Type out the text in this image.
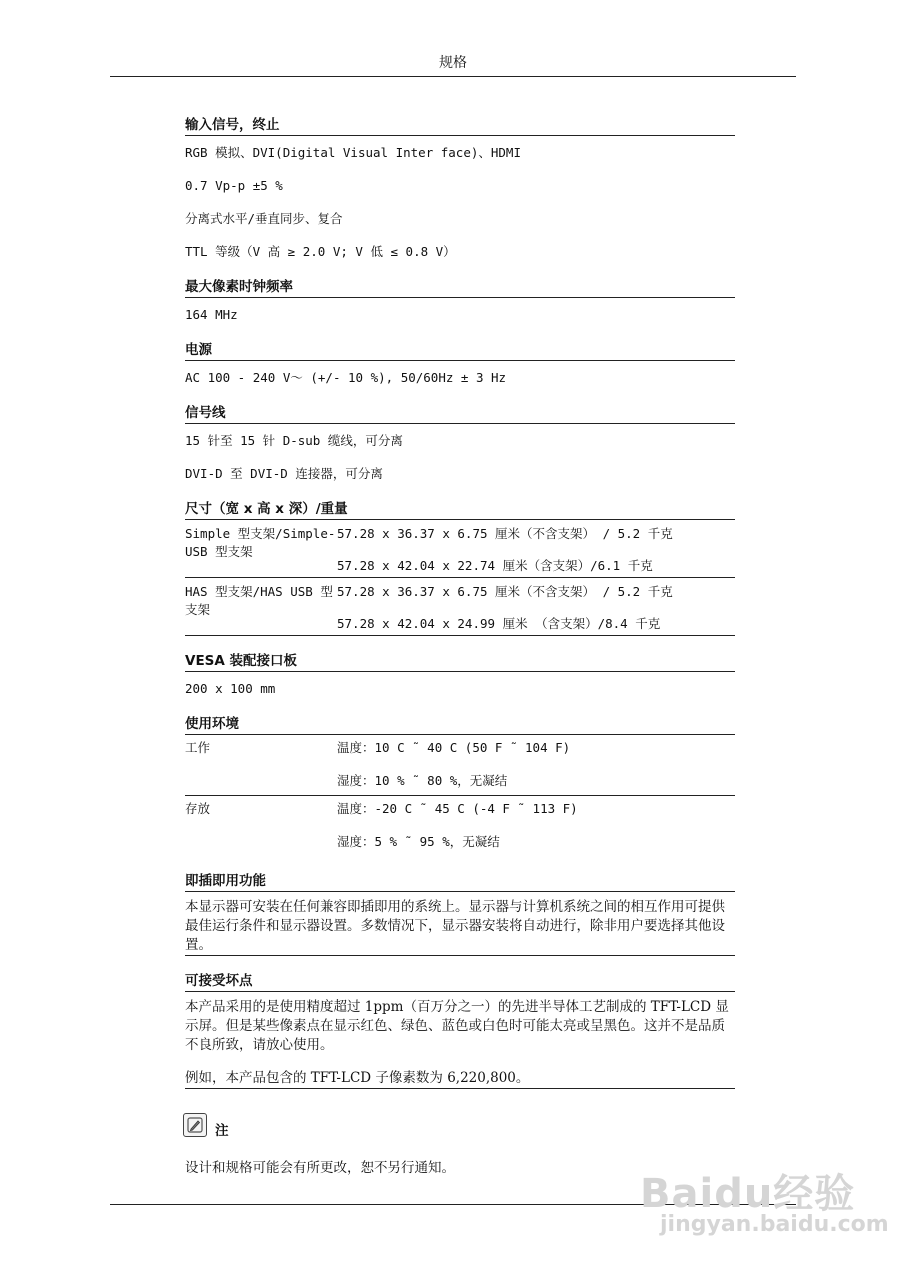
规格
输入信号，终止
RGB 模拟、DVI(Digital Visual Inter face)、HDMI
0.7 Vp-p ±5 %
分离式水平/垂直同步、复合
TTL 等级（V 高 ≥ 2.0 V; V 低 ≤ 0.8 V）
最大像素时钟频率
164 MHz
电源
AC 100 - 240 V～ (+/- 10 %), 50/60Hz ± 3 Hz
信号线
15 针至 15 针 D-sub 缆线，可分离
DVI-D 至 DVI-D 连接器，可分离
尺寸（宽 x 高 x 深）/重量
Simple 型支架/Simple-USB 型支架
57.28 x 36.37 x 6.75 厘米（不含支架） / 5.2 千克
57.28 x 42.04 x 22.74 厘米（含支架）/6.1 千克
HAS 型支架/HAS USB 型支架
57.28 x 36.37 x 6.75 厘米（不含支架） / 5.2 千克
57.28 x 42.04 x 24.99 厘米 （含支架）/8.4 千克
VESA 装配接口板
200 x 100 mm
使用环境
工作	温度：10 C ˜ 40 C (50 F ˜ 104 F)
湿度：10 % ˜ 80 %，无凝结
存放	温度：-20 C ˜ 45 C (-4 F ˜ 113 F)
湿度：5 % ˜ 95 %，无凝结
即插即用功能
本显示器可安装在任何兼容即插即用的系统上。显示器与计算机系统之间的相互作用可提供最佳运行条件和显示器设置。多数情况下，显示器安装将自动进行，除非用户要选择其他设置。
可接受坏点
本产品采用的是使用精度超过 1ppm（百万分之一）的先进半导体工艺制成的 TFT-LCD 显示屏。但是某些像素点在显示红色、绿色、蓝色或白色时可能太亮或呈黑色。这并不是品质不良所致，请放心使用。
例如，本产品包含的 TFT-LCD 子像素数为 6,220,800。
注
设计和规格可能会有所更改，恕不另行通知。
Baidu经验
jingyan.baidu.com
